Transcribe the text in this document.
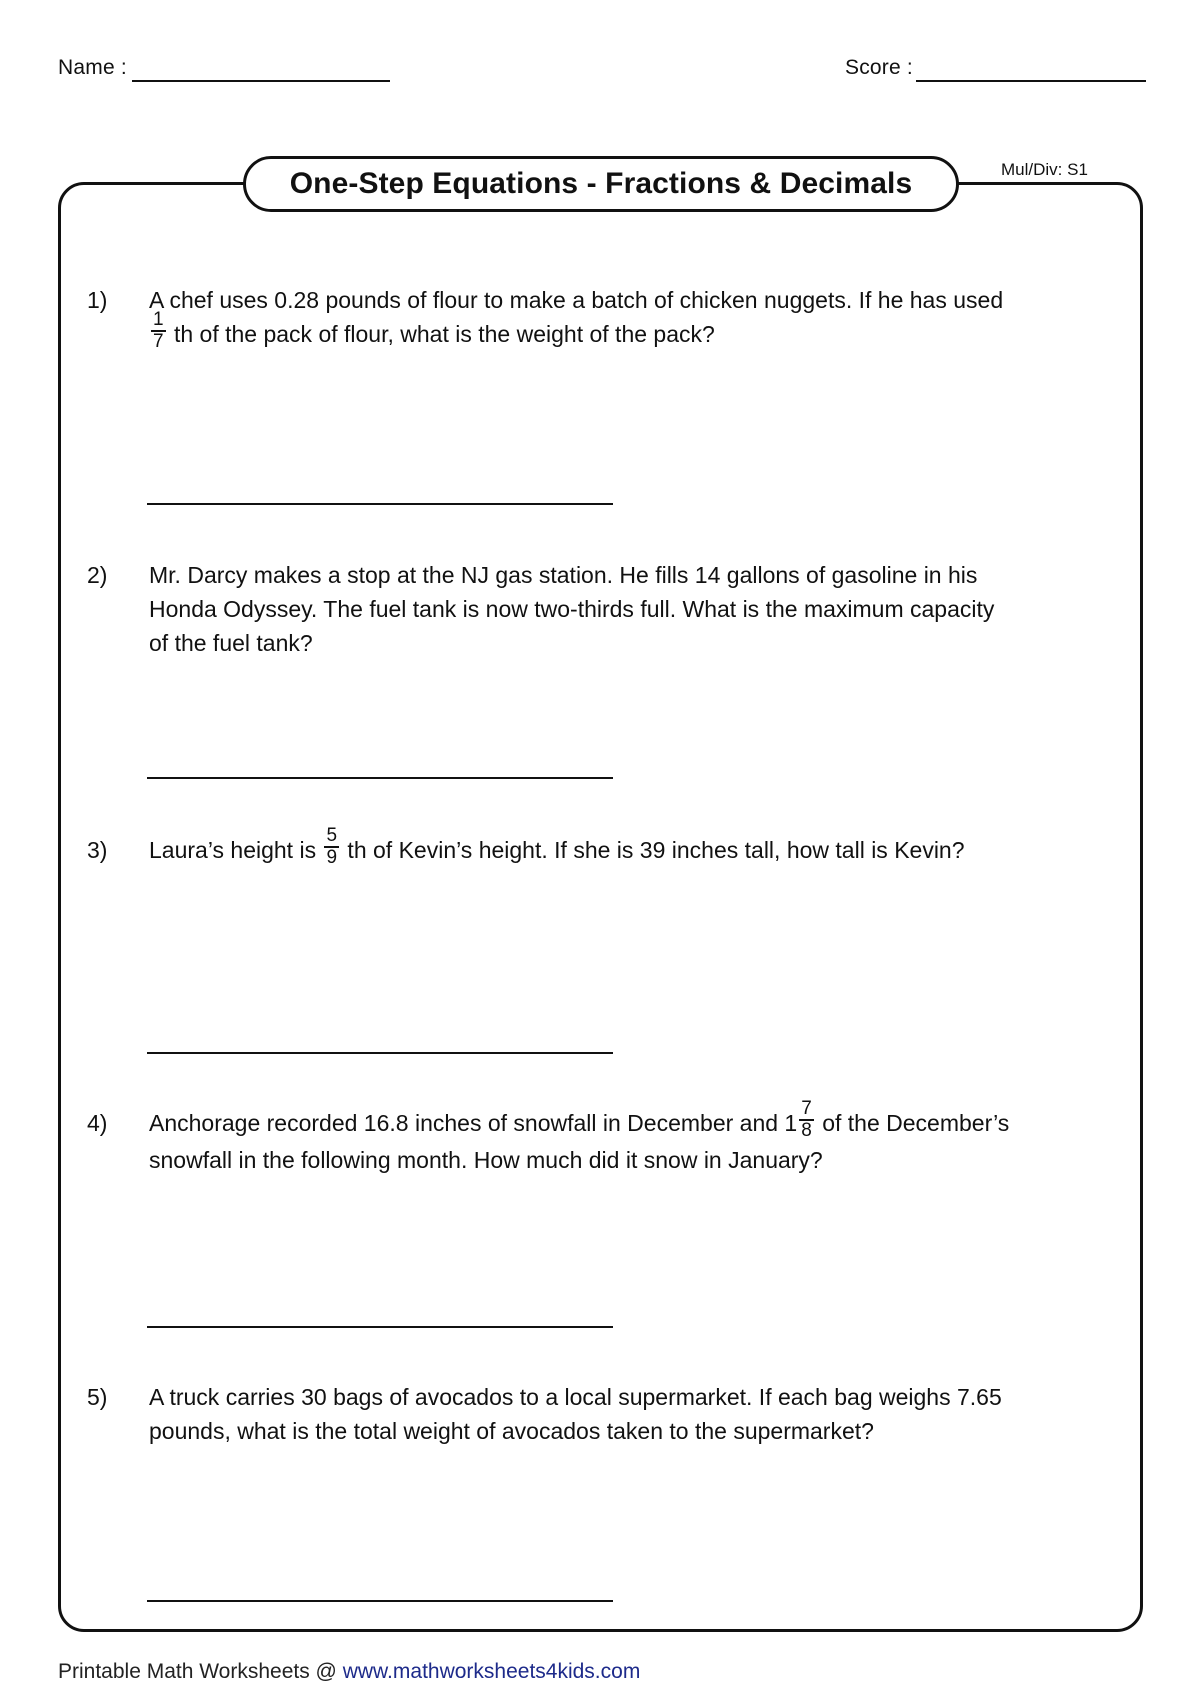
Name :	Score :
One-Step Equations - Fractions & Decimals	Mul/Div: S1
1) A chef uses 0.28 pounds of flour to make a batch of chicken nuggets. If he has used
$\frac{1}{7}$ th of the pack of flour, what is the weight of the pack?
2) Mr. Darcy makes a stop at the NJ gas station. He fills 14 gallons of gasoline in his
Honda Odyssey. The fuel tank is now two-thirds full. What is the maximum capacity
of the fuel tank?
3) Laura’s height is $\frac{5}{9}$ th of Kevin’s height. If she is 39 inches tall, how tall is Kevin?
4) Anchorage recorded 16.8 inches of snowfall in December and $1 \frac{7}{8}$ of the December’s
snowfall in the following month. How much did it snow in January?
5) A truck carries 30 bags of avocados to a local supermarket. If each bag weighs 7.65
pounds, what is the total weight of avocados taken to the supermarket?
Printable Math Worksheets @ www.mathworksheets4kids.com
